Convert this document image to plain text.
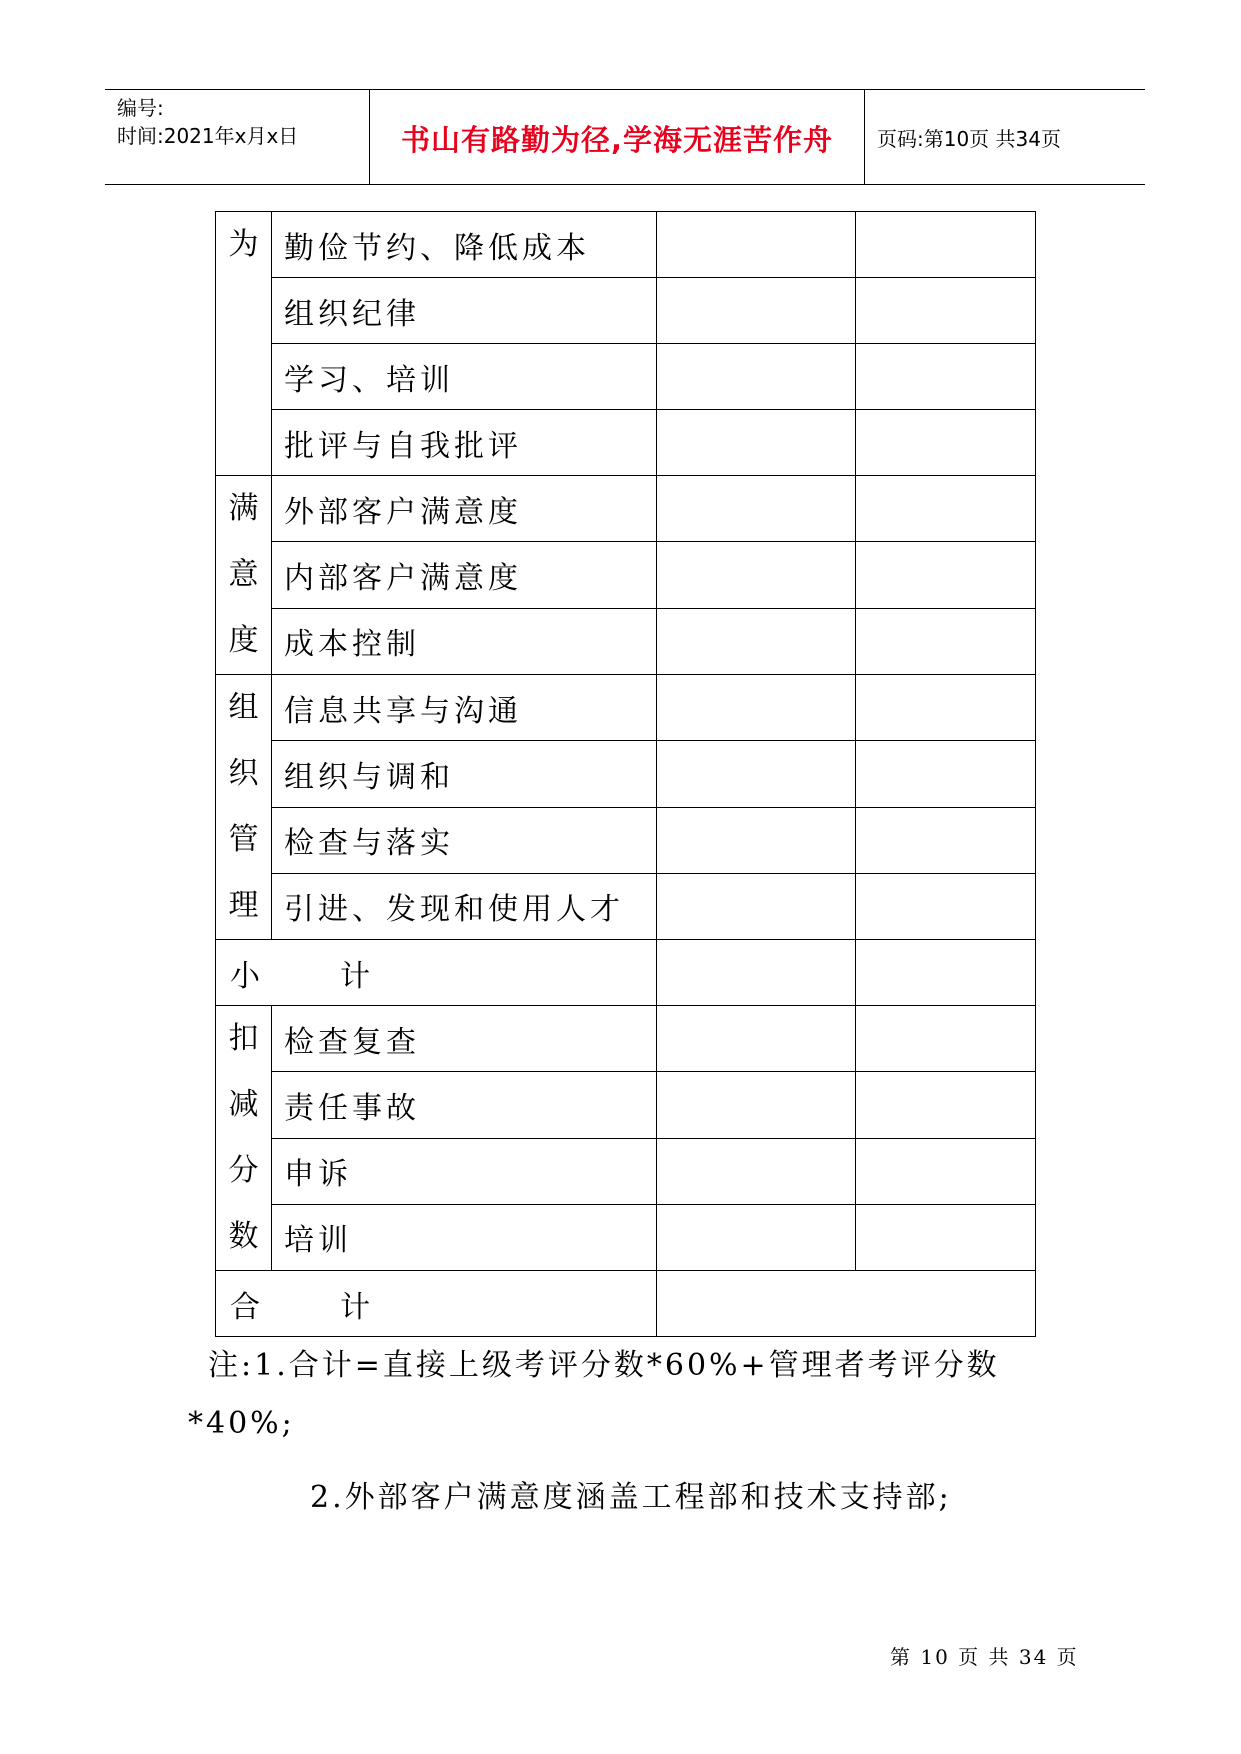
编号:
时间:2021年x月x日	书山有路勤为径,学海无涯苦作舟	页码:第10页 共34页
为	勤俭节约、降低成本		
	组织纪律		
	学习、培训		
	批评与自我批评		

满
意
度	外部客户满意度		
	内部客户满意度		
	成本控制		

组
织
管
理	信息共享与沟通		
	组织与调和		
	检查与落实		
	引进、发现和使用人才		
小 计			

扣
减
分
数	检查复查		
	责任事故		
	申诉		
	培训		
合 计			
注:1.合计=直接上级考评分数*60%+管理者考评分数
*40%;
2.外部客户满意度涵盖工程部和技术支持部;
第 10 页 共 34 页
